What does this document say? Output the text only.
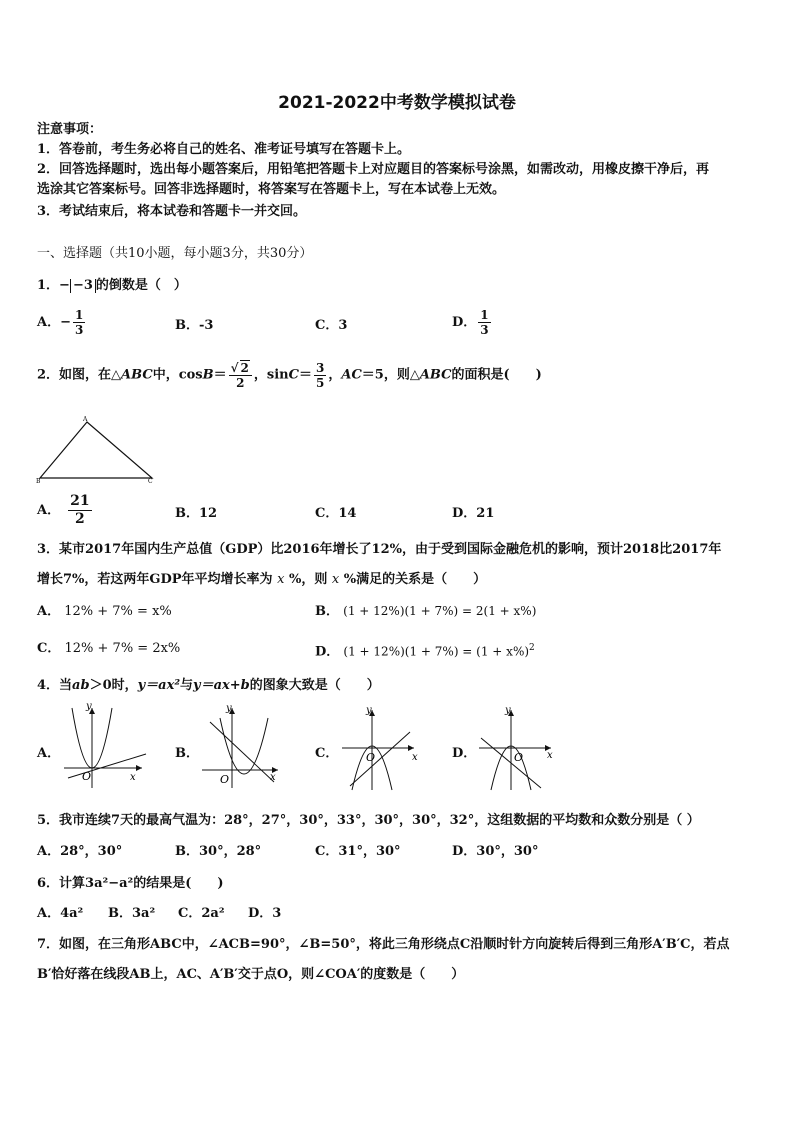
2021-2022中考数学模拟试卷
注意事项：
1．答卷前，考生务必将自己的姓名、准考证号填写在答题卡上。
2．回答选择题时，选出每小题答案后，用铅笔把答题卡上对应题目的答案标号涂黑，如需改动，用橡皮擦干净后，再
选涂其它答案标号。回答非选择题时，将答案写在答题卡上，写在本试卷上无效。
3．考试结束后，将本试卷和答题卡一并交回。
一、选择题（共10小题，每小题3分，共30分）
1．− −3 的倒数是（　）
A．− $\frac{1}{3}$	B．-3	C．3	D． $\frac{1}{3}$
2．如图，在△ABC中，$\cos B= \frac{√ 2}{2}$ ，$\sin C= \frac{3}{5}$ ，AC＝5，则△ABC的面积是(　　)
A
B	C
A． $\frac{21}{2}$	B．12	C．14	D．21
3．某市2017年国内生产总值（GDP）比2016年增长了12%，由于受到国际金融危机的影响，预计2018比2017年
增长7%，若这两年GDP年平均增长率为 x %，则 x %满足的关系是（　　）
A． 12% + 7% = x%	B． (1 + 12%)(1 + 7%) = 2(1 + x%)
C． 12% + 7% = 2x%	D． $(1 + 12\%)(1 + 7\%) = (1 + x\%)^2$
4．当ab＞0时，y＝ax²与y＝ax+b的图象大致是（　　）
A．
y
x
O
B．
y
x
O
C．
y
x
O	D．
y
x
O
5．我市连续7天的最高气温为：28°，27°，30°，33°，30°，30°，32°，这组数据的平均数和众数分别是（ ）
A．28°，30°	B．30°，28°	C．31°，30°	D．30°，30°
6．计算3a²−a²的结果是(　　)
A．4a² B．3a² C．2a² D．3
7．如图，在三角形ABC中，∠ACB=90°，∠B=50°，将此三角形绕点C沿顺时针方向旋转后得到三角形A′B′C，若点
B′恰好落在线段AB上，AC、A′B′交于点O，则∠COA′的度数是（　　）
